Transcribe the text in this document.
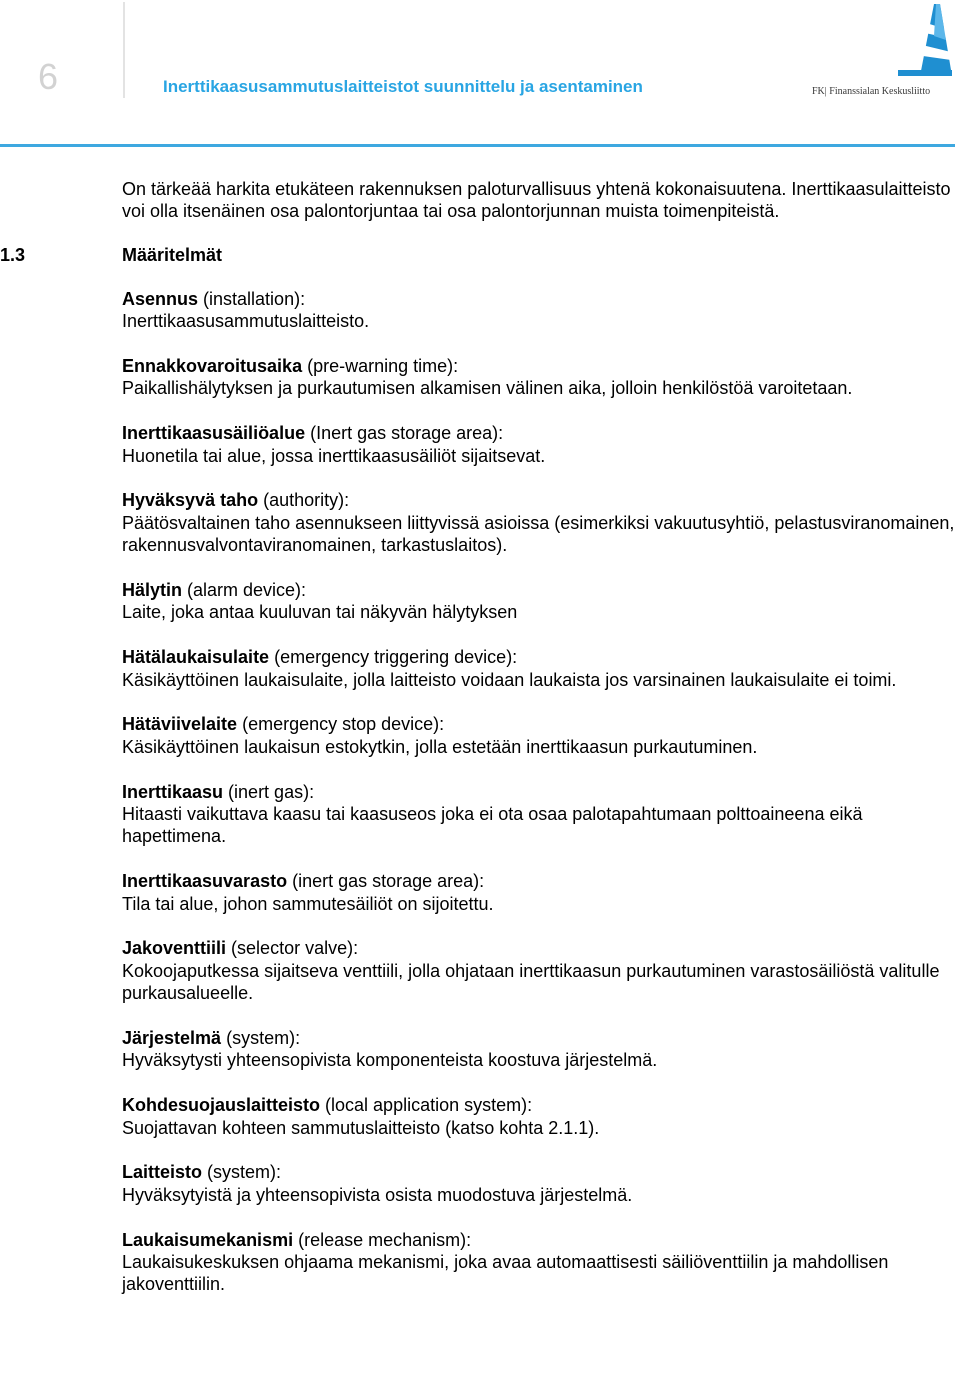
6	Inerttikaasusammutuslaitteistot suunnittelu ja asentaminen	FK| Finanssialan Keskusliitto
On tärkeää harkita etukäteen rakennuksen paloturvallisuus yhtenä kokonaisuutena. Inerttikaasulaitteisto voi olla itsenäinen osa palontorjuntaa tai osa palontorjunnan muista toimenpiteistä.
1.3	Määritelmät
Asennus (installation):
Inerttikaasusammutuslaitteisto.
Ennakkovaroitusaika (pre-warning time):
Paikallishälytyksen ja purkautumisen alkamisen välinen aika, jolloin henkilöstöä varoitetaan.
Inerttikaasusäiliöalue (Inert gas storage area):
Huonetila tai alue, jossa inerttikaasusäiliöt sijaitsevat.
Hyväksyvä taho (authority):
Päätösvaltainen taho asennukseen liittyvissä asioissa (esimerkiksi vakuutusyhtiö, pelastusviranomainen, rakennusvalvontaviranomainen, tarkastuslaitos).
Hälytin (alarm device):
Laite, joka antaa kuuluvan tai näkyvän hälytyksen
Hätälaukaisulaite (emergency triggering device):
Käsikäyttöinen laukaisulaite, jolla laitteisto voidaan laukaista jos varsinainen laukaisulaite ei toimi.
Hätäviivelaite (emergency stop device):
Käsikäyttöinen laukaisun estokytkin, jolla estetään inerttikaasun purkautuminen.
Inerttikaasu (inert gas):
Hitaasti vaikuttava kaasu tai kaasuseos joka ei ota osaa palotapahtumaan polttoaineena eikä hapettimena.
Inerttikaasuvarasto (inert gas storage area):
Tila tai alue, johon sammutesäiliöt on sijoitettu.
Jakoventtiili (selector valve):
Kokoojaputkessa sijaitseva venttiili, jolla ohjataan inerttikaasun purkautuminen varastosäiliöstä valitulle purkausalueelle.
Järjestelmä (system):
Hyväksytysti yhteensopivista komponenteista koostuva järjestelmä.
Kohdesuojauslaitteisto (local application system):
Suojattavan kohteen sammutuslaitteisto (katso kohta 2.1.1).
Laitteisto (system):
Hyväksytyistä ja yhteensopivista osista muodostuva järjestelmä.
Laukaisumekanismi (release mechanism):
Laukaisukeskuksen ohjaama mekanismi, joka avaa automaattisesti säiliöventtiilin ja mahdollisen jakoventtiilin.
